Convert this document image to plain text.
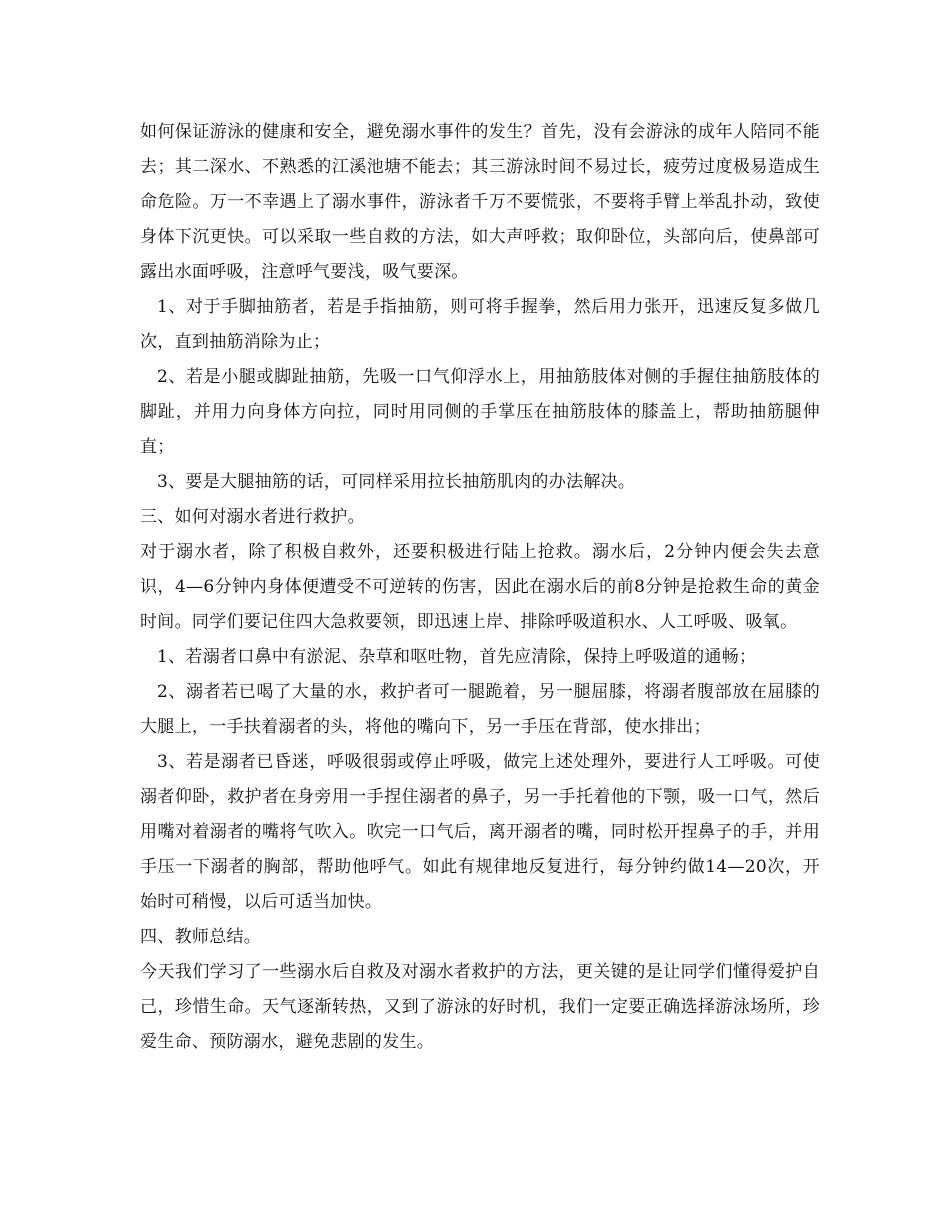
如何保证游泳的健康和安全，避免溺水事件的发生？首先，没有会游泳的成年人陪同不能去；其二深水、不熟悉的江溪池塘不能去；其三游泳时间不易过长，疲劳过度极易造成生命危险。万一不幸遇上了溺水事件，游泳者千万不要慌张，不要将手臂上举乱扑动，致使身体下沉更快。可以采取一些自救的方法，如大声呼救；取仰卧位，头部向后，使鼻部可露出水面呼吸，注意呼气要浅，吸气要深。

1、对于手脚抽筋者，若是手指抽筋，则可将手握拳，然后用力张开，迅速反复多做几次，直到抽筋消除为止；

2、若是小腿或脚趾抽筋，先吸一口气仰浮水上，用抽筋肢体对侧的手握住抽筋肢体的脚趾，并用力向身体方向拉，同时用同侧的手掌压在抽筋肢体的膝盖上，帮助抽筋腿伸直；

3、要是大腿抽筋的话，可同样采用拉长抽筋肌肉的办法解决。

三、如何对溺水者进行救护。

对于溺水者，除了积极自救外，还要积极进行陆上抢救。溺水后，2分钟内便会失去意识，4—6分钟内身体便遭受不可逆转的伤害，因此在溺水后的前8分钟是抢救生命的黄金时间。同学们要记住四大急救要领，即迅速上岸、排除呼吸道积水、人工呼吸、吸氧。

1、若溺者口鼻中有淤泥、杂草和呕吐物，首先应清除，保持上呼吸道的通畅；

2、溺者若已喝了大量的水，救护者可一腿跪着，另一腿屈膝，将溺者腹部放在屈膝的大腿上，一手扶着溺者的头，将他的嘴向下，另一手压在背部，使水排出；

3、若是溺者已昏迷，呼吸很弱或停止呼吸，做完上述处理外，要进行人工呼吸。可使溺者仰卧，救护者在身旁用一手捏住溺者的鼻子，另一手托着他的下颚，吸一口气，然后用嘴对着溺者的嘴将气吹入。吹完一口气后，离开溺者的嘴，同时松开捏鼻子的手，并用手压一下溺者的胸部，帮助他呼气。如此有规律地反复进行，每分钟约做14—20次，开始时可稍慢，以后可适当加快。

四、教师总结。

今天我们学习了一些溺水后自救及对溺水者救护的方法，更关键的是让同学们懂得爱护自己，珍惜生命。天气逐渐转热，又到了游泳的好时机，我们一定要正确选择游泳场所，珍爱生命、预防溺水，避免悲剧的发生。
